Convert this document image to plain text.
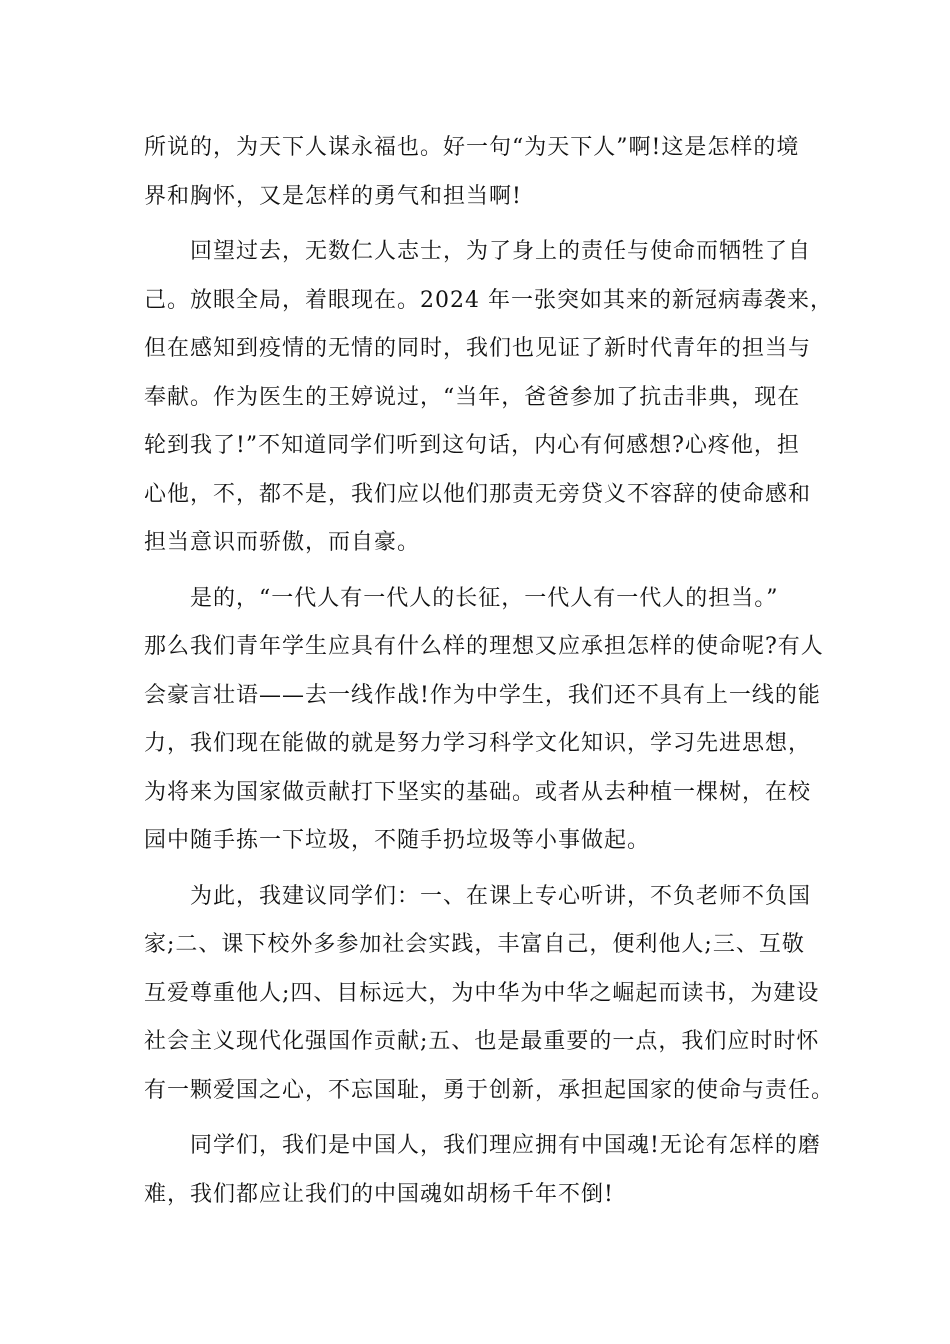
所说的，为天下人谋永福也。好一句“为天下人”啊!这是怎样的境
界和胸怀，又是怎样的勇气和担当啊!
回望过去，无数仁人志士，为了身上的责任与使命而牺牲了自
己。放眼全局，着眼现在。2024 年一张突如其来的新冠病毒袭来，
但在感知到疫情的无情的同时，我们也见证了新时代青年的担当与
奉献。作为医生的王婷说过，“当年，爸爸参加了抗击非典，现在
轮到我了!”不知道同学们听到这句话，内心有何感想?心疼他，担
心他，不，都不是，我们应以他们那责无旁贷义不容辞的使命感和
担当意识而骄傲，而自豪。
是的，“一代人有一代人的长征，一代人有一代人的担当。”
那么我们青年学生应具有什么样的理想又应承担怎样的使命呢?有人
会豪言壮语——去一线作战!作为中学生，我们还不具有上一线的能
力，我们现在能做的就是努力学习科学文化知识，学习先进思想，
为将来为国家做贡献打下坚实的基础。或者从去种植一棵树，在校
园中随手拣一下垃圾，不随手扔垃圾等小事做起。
为此，我建议同学们：一、在课上专心听讲，不负老师不负国
家;二、课下校外多参加社会实践，丰富自己，便利他人;三、互敬
互爱尊重他人;四、目标远大，为中华为中华之崛起而读书，为建设
社会主义现代化强国作贡献;五、也是最重要的一点，我们应时时怀
有一颗爱国之心，不忘国耻，勇于创新，承担起国家的使命与责任。
同学们，我们是中国人，我们理应拥有中国魂!无论有怎样的磨
难，我们都应让我们的中国魂如胡杨千年不倒!
